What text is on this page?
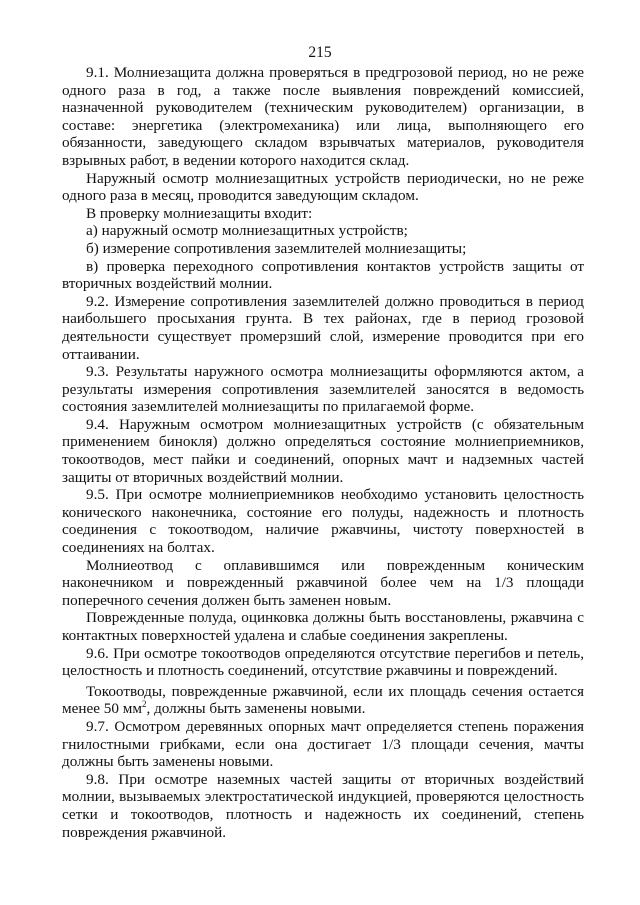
215

9.1. Молниезащита должна проверяться в предгрозовой период, но не реже одного раза в год, а также после выявления повреждений комиссией, назначенной руководителем (техническим руководителем) организации, в составе: энергетика (электромеханика) или лица, выполняющего его обязанности, заведующего складом взрывчатых материалов, руководителя взрывных работ, в ведении которого находится склад.

Наружный осмотр молниезащитных устройств периодически, но не реже одного раза в месяц, проводится заведующим складом.

В проверку молниезащиты входит:

а) наружный осмотр молниезащитных устройств;

б) измерение сопротивления заземлителей молниезащиты;

в) проверка переходного сопротивления контактов устройств защиты от вторичных воздействий молнии.

9.2. Измерение сопротивления заземлителей должно проводиться в период наибольшего просыхания грунта. В тех районах, где в период грозовой деятельности существует промерзший слой, измерение проводится при его оттаивании.

9.3. Результаты наружного осмотра молниезащиты оформляются актом, а результаты измерения сопротивления заземлителей заносятся в ведомость состояния заземлителей молниезащиты по прилагаемой форме.

9.4. Наружным осмотром молниезащитных устройств (с обязательным применением бинокля) должно определяться состояние молниеприемников, токоотводов, мест пайки и соединений, опорных мачт и надземных частей защиты от вторичных воздействий молнии.

9.5. При осмотре молниеприемников необходимо установить целостность конического наконечника, состояние его полуды, надежность и плотность соединения с токоотводом, наличие ржавчины, чистоту поверхностей в соединениях на болтах.

Молниеотвод с оплавившимся или поврежденным коническим наконечником и поврежденный ржавчиной более чем на 1/3 площади поперечного сечения должен быть заменен новым.

Поврежденные полуда, оцинковка должны быть восстановлены, ржавчина с контактных поверхностей удалена и слабые соединения закреплены.

9.6. При осмотре токоотводов определяются отсутствие перегибов и петель, целостность и плотность соединений, отсутствие ржавчины и повреждений.

Токоотводы, поврежденные ржавчиной, если их площадь сечения остается менее 50 $мм^2$, должны быть заменены новыми.

9.7. Осмотром деревянных опорных мачт определяется степень поражения гнилостными грибками, если она достигает 1/3 площади сечения, мачты должны быть заменены новыми.

9.8. При осмотре наземных частей защиты от вторичных воздействий молнии, вызываемых электростатической индукцией, проверяются целостность сетки и токоотводов, плотность и надежность их соединений, степень повреждения ржавчиной.
